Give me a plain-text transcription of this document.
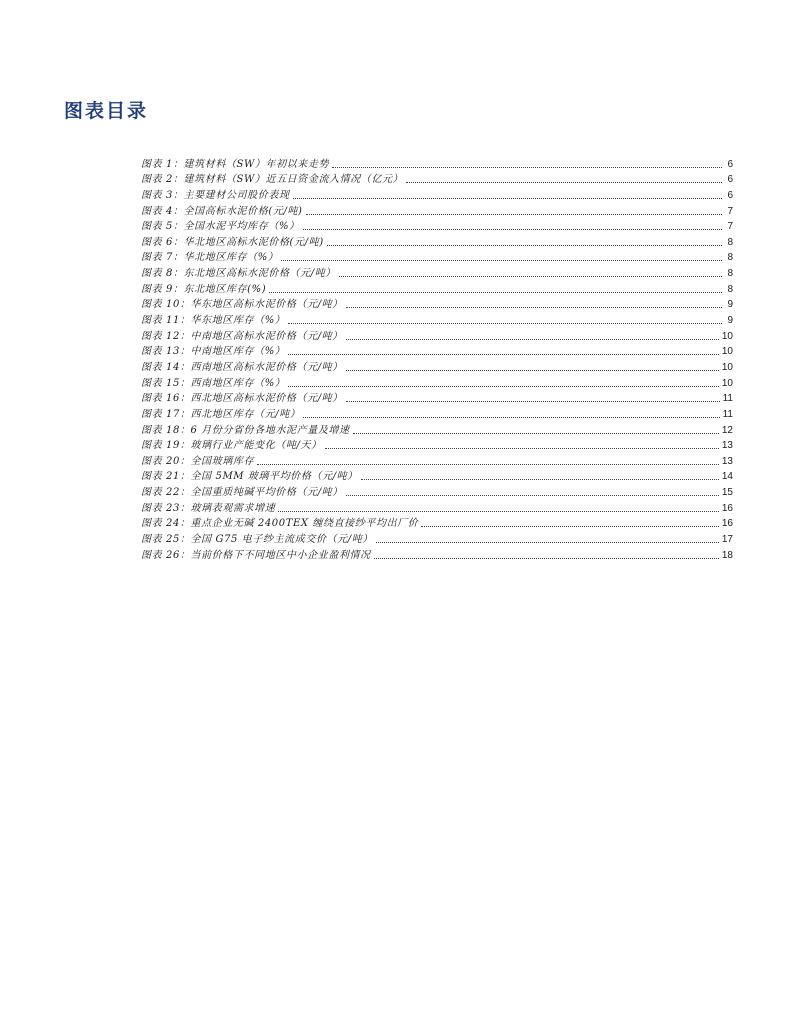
图表目录
图表 1：建筑材料（SW）年初以来走势	6
图表 2：建筑材料（SW）近五日资金流入情况（亿元）	6
图表 3：主要建材公司股价表现	6
图表 4：全国高标水泥价格(元/吨)	7
图表 5：全国水泥平均库存（%）	7
图表 6：华北地区高标水泥价格(元/吨)	8
图表 7：华北地区库存（%）	8
图表 8：东北地区高标水泥价格（元/吨）	8
图表 9：东北地区库存(%)	8
图表 10：华东地区高标水泥价格（元/吨）	9
图表 11：华东地区库存（%）	9
图表 12：中南地区高标水泥价格（元/吨）	10
图表 13：中南地区库存（%）	10
图表 14：西南地区高标水泥价格（元/吨）	10
图表 15：西南地区库存（%）	10
图表 16：西北地区高标水泥价格（元/吨）	11
图表 17：西北地区库存（元/吨）	11
图表 18：6 月份分省份各地水泥产量及增速	12
图表 19：玻璃行业产能变化（吨/天）	13
图表 20：全国玻璃库存	13
图表 21：全国 5MM 玻璃平均价格（元/吨）	14
图表 22：全国重质纯碱平均价格（元/吨）	15
图表 23：玻璃表观需求增速	16
图表 24：重点企业无碱 2400TEX 缠绕直接纱平均出厂价	16
图表 25：全国 G75 电子纱主流成交价（元/吨）	17
图表 26：当前价格下不同地区中小企业盈利情况	18
